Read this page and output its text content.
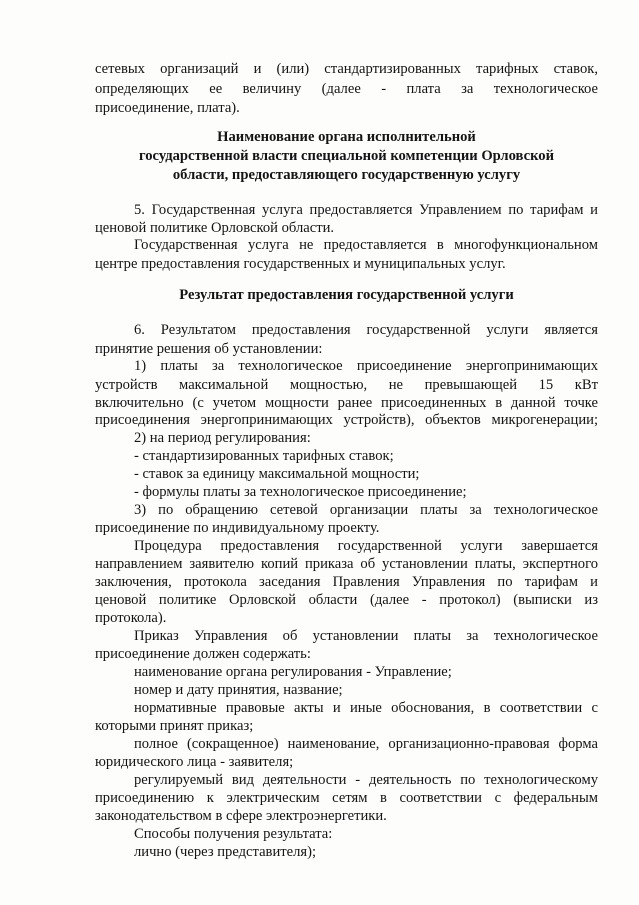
сетевых организаций и (или) стандартизированных тарифных ставок,
определяющих ее величину (далее - плата за технологическое
присоединение, плата).
Наименование органа исполнительной
государственной власти специальной компетенции Орловской
области, предоставляющего государственную услугу
5. Государственная услуга предоставляется Управлением по тарифам и
ценовой политике Орловской области.
Государственная услуга не предоставляется в многофункциональном
центре предоставления государственных и муниципальных услуг.
Результат предоставления государственной услуги
6. Результатом предоставления государственной услуги является
принятие решения об установлении:
1) платы за технологическое присоединение энергопринимающих
устройств максимальной мощностью, не превышающей 15 кВт
включительно (с учетом мощности ранее присоединенных в данной точке
присоединения энергопринимающих устройств), объектов микрогенерации;
2) на период регулирования:
- стандартизированных тарифных ставок;
- ставок за единицу максимальной мощности;
- формулы платы за технологическое присоединение;
3) по обращению сетевой организации платы за технологическое
присоединение по индивидуальному проекту.
Процедура предоставления государственной услуги завершается
направлением заявителю копий приказа об установлении платы, экспертного
заключения, протокола заседания Правления Управления по тарифам и
ценовой политике Орловской области (далее - протокол) (выписки из
протокола).
Приказ Управления об установлении платы за технологическое
присоединение должен содержать:
наименование органа регулирования - Управление;
номер и дату принятия, название;
нормативные правовые акты и иные обоснования, в соответствии с
которыми принят приказ;
полное (сокращенное) наименование, организационно-правовая форма
юридического лица - заявителя;
регулируемый вид деятельности - деятельность по технологическому
присоединению к электрическим сетям в соответствии с федеральным
законодательством в сфере электроэнергетики.
Способы получения результата:
лично (через представителя);
